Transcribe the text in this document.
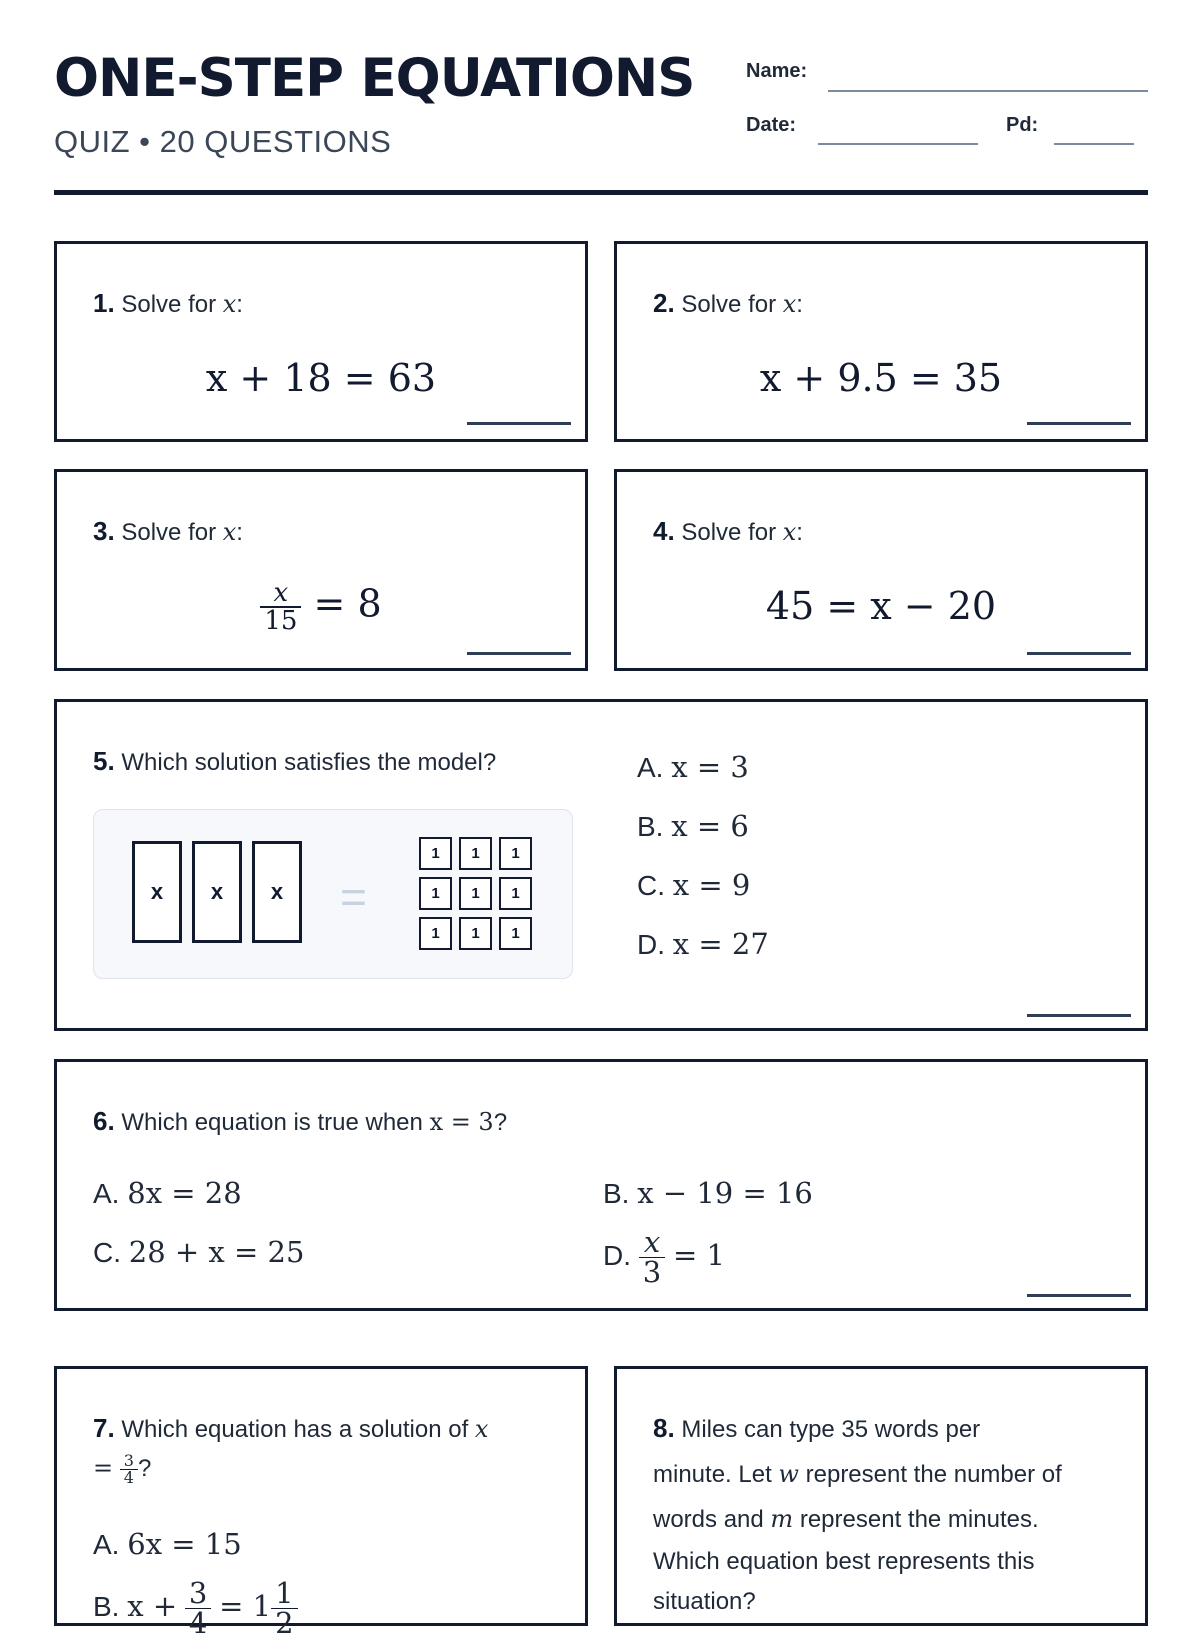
ONE-STEP EQUATIONS
QUIZ • 20 QUESTIONS
Name:
Date:	Pd:
1. Solve for x:
x + 18 = 63
2. Solve for x:
x + 9.5 = 35
3. Solve for x:
$\frac{x}{15} = 8$
4. Solve for x:
45 = x − 20
5. Which solution satisfies the model?
x	x	x	=
1	1	1
1	1	1
1	1	1
A. x = 3
B. x = 6
C. x = 9
D. x = 27
6. Which equation is true when x = 3?
A. 8x = 28	B. x − 19 = 16
C. 28 + x = 25	D. $\frac{x}{3} = 1$
7. Which equation has a solution of x
= $\frac{3}{4}$ ?
A. 6x = 15
B. $x + \frac{3}{4} = 1 \frac{1}{2}$
8. Miles can type 35 words per
minute. Let w represent the number of
words and m represent the minutes.
Which equation best represents this
situation?
